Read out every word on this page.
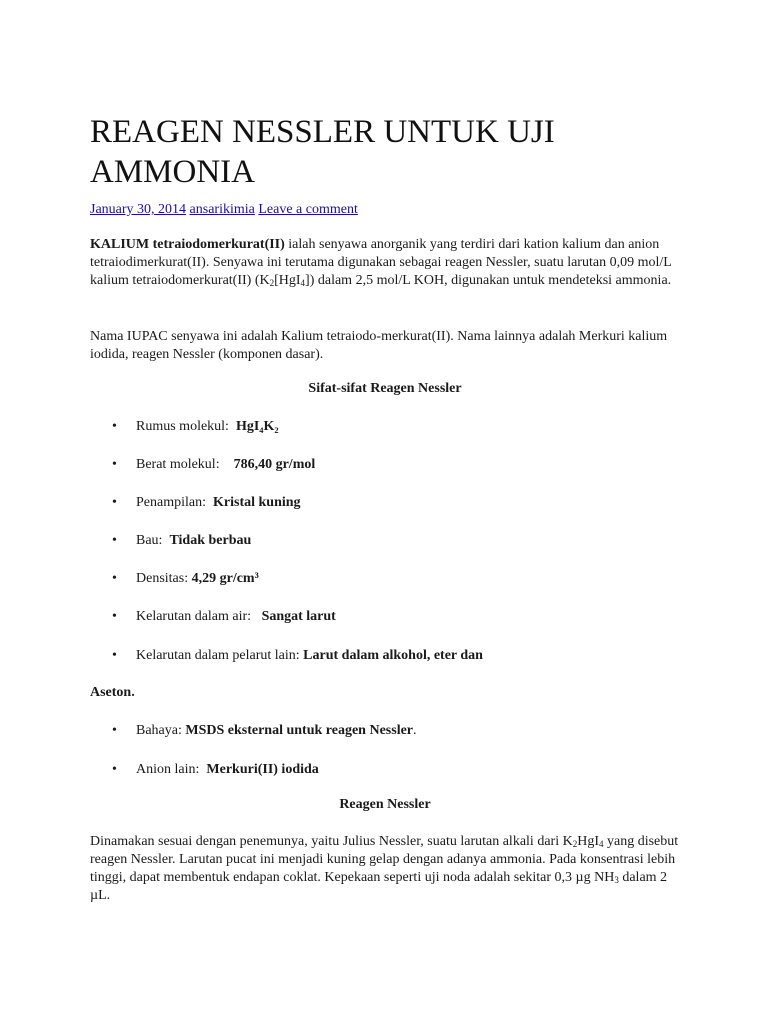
REAGEN NESSLER UNTUK UJI AMMONIA
January 30, 2014 ansarikimia Leave a comment

KALIUM tetraiodomerkurat(II) ialah senyawa anorganik yang terdiri dari kation kalium dan anion tetraiodimerkurat(II). Senyawa ini terutama digunakan sebagai reagen Nessler, suatu larutan 0,09 mol/L kalium tetraiodomerkurat(II) $(K_2[HgI_4])$ dalam 2,5 mol/L KOH, digunakan untuk mendeteksi ammonia.

Nama IUPAC senyawa ini adalah Kalium tetraiodo-merkurat(II). Nama lainnya adalah Merkuri kalium iodida, reagen Nessler (komponen dasar).

Sifat-sifat Reagen Nessler
• Rumus molekul: HgI₄K₂
• Berat molekul: 786,40 gr/mol
• Penampilan: Kristal kuning
• Bau: Tidak berbau
• Densitas: 4,29 gr/cm³
• Kelarutan dalam air: Sangat larut
• Kelarutan dalam pelarut lain: Larut dalam alkohol, eter dan
Aseton.
• Bahaya: MSDS eksternal untuk reagen Nessler.
• Anion lain: Merkuri(II) iodida
Reagen Nessler

Dinamakan sesuai dengan penemunya, yaitu Julius Nessler, suatu larutan alkali dari $K_2HgI_4$ yang disebut reagen Nessler. Larutan pucat ini menjadi kuning gelap dengan adanya ammonia. Pada konsentrasi lebih tinggi, dapat membentuk endapan coklat. Kepekaan seperti uji noda adalah sekitar 0,3 µg $NH_3$ dalam 2 µL.
